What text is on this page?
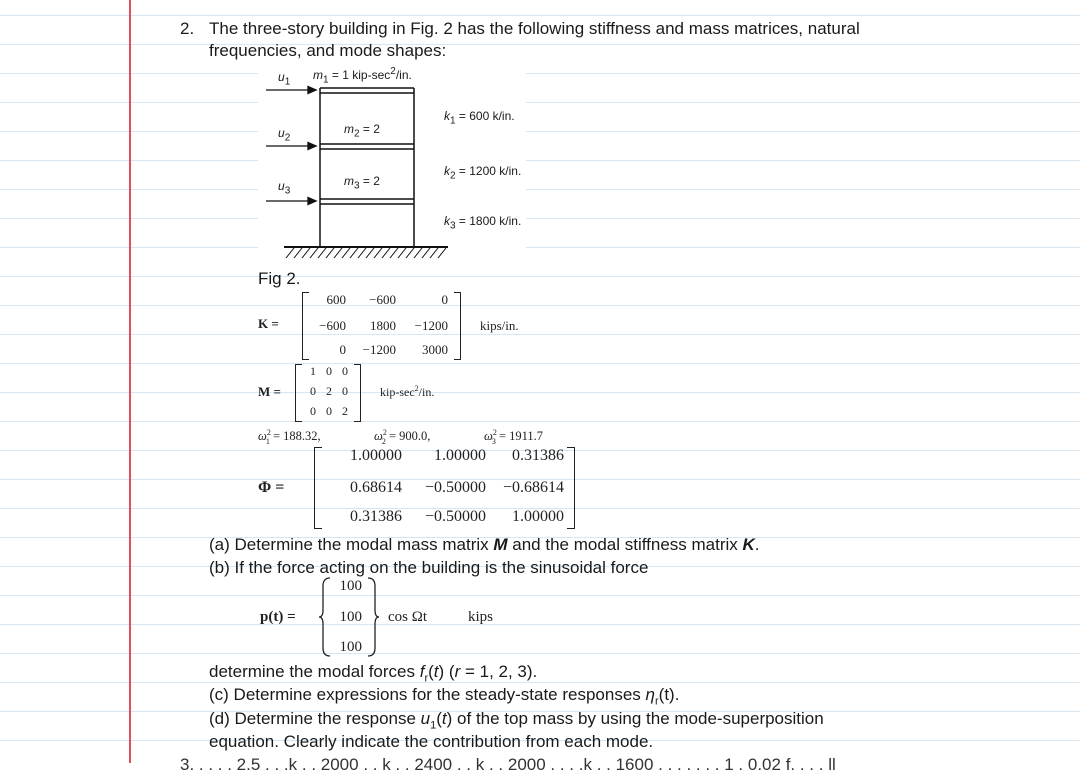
2. The three-story building in Fig. 2 has the following stiffness and mass matrices, natural
frequencies, and mode shapes:
$u_1$ $m_1 = 1$ kip-$\sec^2/in$.
$u_2$
$m_2 = 2$
$u_3$
$m_3 = 2$
$k_1 = 600$ k/in.
$k_2 = 1200$ k/in.
$k_3 = 1800$ k/in.
Fig 2.
K =
600	−600	0
−600	1800	−1200
0	−1200	3000
kips/in.
M =
1 0 0
0 2 0
0 0 2
kip-$\sec^2/in$.
$\omega^2_1 = 188.32$,	$\omega^2_2 = 900.0$,	$\omega^2_3 = 1911.7$
Φ =
1.00000	1.00000	0.31386
0.68614	−0.50000	−0.68614
0.31386	−0.50000	1.00000
(a) Determine the modal mass matrix M and the modal stiffness matrix K.
(b) If the force acting on the building is the sinusoidal force
p(t) =
100
100
100
cos Ωt	kips
determine the modal forces $f_r(t) (r = 1$, 2, 3).
(c) Determine expressions for the steady-state responses $\eta_r(t)$.
(d) Determine the response $u_1(t)$ of the top mass by using the mode-superposition
equation. Clearly indicate the contribution from each mode.
3. . . . . 2.5 . . .k . . 2000 . . k . . 2400 . . k . . 2000 . . . .k . . 1600 . . . . . . . 1 . 0.02 f. . . . ll
